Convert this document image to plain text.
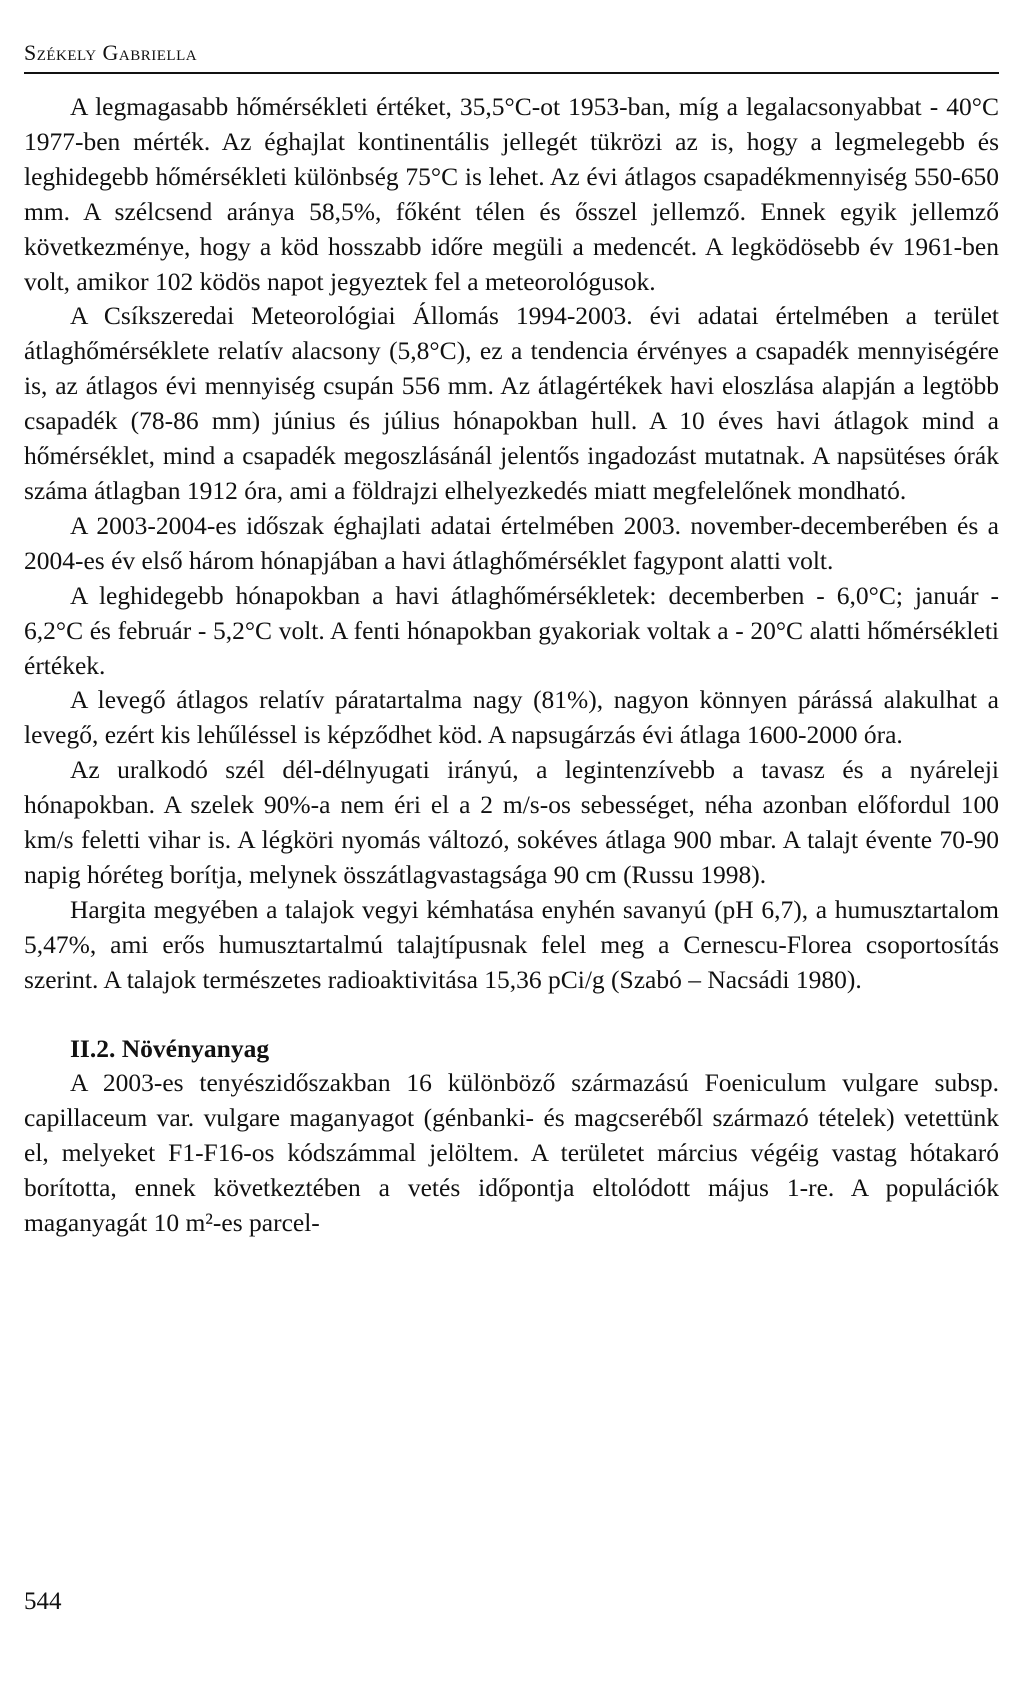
Székely Gabriella

A legmagasabb hőmérsékleti értéket, 35,5°C-ot 1953-ban, míg a legalacsonyabbat - 40°C 1977-ben mérték. Az éghajlat kontinentális jellegét tükrözi az is, hogy a legmelegebb és leghidegebb hőmérsékleti különbség 75°C is lehet. Az évi átlagos csapadékmennyiség 550-650 mm. A szélcsend aránya 58,5%, főként télen és ősszel jellemző. Ennek egyik jellemző következménye, hogy a köd hosszabb időre megüli a medencét. A legködösebb év 1961-ben volt, amikor 102 ködös napot jegyeztek fel a meteorológusok.

A Csíkszeredai Meteorológiai Állomás 1994-2003. évi adatai értelmében a terület átlaghőmérséklete relatív alacsony (5,8°C), ez a tendencia érvényes a csapadék mennyiségére is, az átlagos évi mennyiség csupán 556 mm. Az átlagértékek havi eloszlása alapján a legtöbb csapadék (78-86 mm) június és július hónapokban hull. A 10 éves havi átlagok mind a hőmérséklet, mind a csapadék megoszlásánál jelentős ingadozást mutatnak. A napsütéses órák száma átlagban 1912 óra, ami a földrajzi elhelyezkedés miatt megfelelőnek mondható.

A 2003-2004-es időszak éghajlati adatai értelmében 2003. november-decemberében és a 2004-es év első három hónapjában a havi átlaghőmérséklet fagypont alatti volt.

A leghidegebb hónapokban a havi átlaghőmérsékletek: decemberben - 6,0°C; január - 6,2°C és február - 5,2°C volt. A fenti hónapokban gyakoriak voltak a - 20°C alatti hőmérsékleti értékek.

A levegő átlagos relatív páratartalma nagy (81%), nagyon könnyen párássá alakulhat a levegő, ezért kis lehűléssel is képződhet köd. A napsugárzás évi átlaga 1600-2000 óra.

Az uralkodó szél dél-délnyugati irányú, a legintenzívebb a tavasz és a nyáreleji hónapokban. A szelek 90%-a nem éri el a 2 m/s-os sebességet, néha azonban előfordul 100 km/s feletti vihar is. A légköri nyomás változó, sokéves átlaga 900 mbar. A talajt évente 70-90 napig hóréteg borítja, melynek összátlagvastagsága 90 cm (Russu 1998).

Hargita megyében a talajok vegyi kémhatása enyhén savanyú (pH 6,7), a humusztartalom 5,47%, ami erős humusztartalmú talajtípusnak felel meg a Cernescu-Florea csoportosítás szerint. A talajok természetes radioaktivitása 15,36 pCi/g (Szabó – Nacsádi 1980).

II.2. Növényanyag

A 2003-es tenyészidőszakban 16 különböző származású Foeniculum vulgare subsp. capillaceum var. vulgare maganyagot (génbanki- és magcseréből származó tételek) vetettünk el, melyeket F1-F16-os kódszámmal jelöltem. A területet március végéig vastag hótakaró borította, ennek következtében a vetés időpontja eltolódott május 1-re. A populációk maganyagát 10 m²-es parcel-

544
